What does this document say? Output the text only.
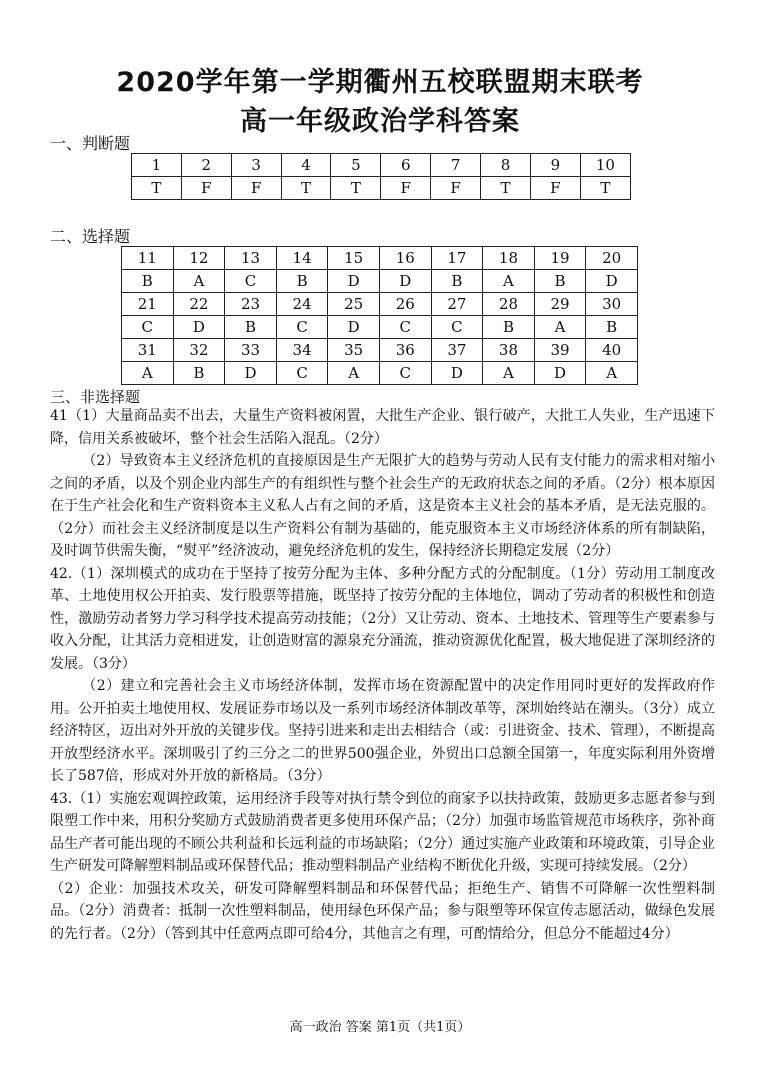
2020学年第一学期衢州五校联盟期末联考
高一年级政治学科答案
一、判断题
1	2	3	4	5	6	7	8	9	10
T	F	F	T	T	F	F	T	F	T
二、选择题
11	12	13	14	15	16	17	18	19	20
B	A	C	B	D	D	B	A	B	D
21	22	23	24	25	26	27	28	29	30
C	D	B	C	D	C	C	B	A	B
31	32	33	34	35	36	37	38	39	40
A	B	D	C	A	C	D	A	D	A
三、非选择题

41（1）大量商品卖不出去，大量生产资料被闲置，大批生产企业、银行破产，大批工人失业，生产迅速下降，信用关系被破坏，整个社会生活陷入混乱。（2分）

（2）导致资本主义经济危机的直接原因是生产无限扩大的趋势与劳动人民有支付能力的需求相对缩小之间的矛盾，以及个别企业内部生产的有组织性与整个社会生产的无政府状态之间的矛盾。（2分）根本原因在于生产社会化和生产资料资本主义私人占有之间的矛盾，这是资本主义社会的基本矛盾，是无法克服的。（2分）而社会主义经济制度是以生产资料公有制为基础的，能克服资本主义市场经济体系的所有制缺陷，及时调节供需失衡，“熨平”经济波动，避免经济危机的发生，保持经济长期稳定发展（2分）

42.（1）深圳模式的成功在于坚持了按劳分配为主体、多种分配方式的分配制度。（1分）劳动用工制度改革、土地使用权公开拍卖、发行股票等措施，既坚持了按劳分配的主体地位，调动了劳动者的积极性和创造性，激励劳动者努力学习科学技术提高劳动技能；（2分）又让劳动、资本、土地技术、管理等生产要素参与收入分配，让其活力竞相迸发，让创造财富的源泉充分涌流，推动资源优化配置，极大地促进了深圳经济的发展。（3分）

（2）建立和完善社会主义市场经济体制，发挥市场在资源配置中的决定作用同时更好的发挥政府作用。公开拍卖土地使用权、发展证券市场以及一系列市场经济体制改革等，深圳始终站在潮头。（3分）成立经济特区，迈出对外开放的关键步伐。坚持引进来和走出去相结合（或：引进资金、技术、管理），不断提高开放型经济水平。深圳吸引了约三分之二的世界500强企业，外贸出口总额全国第一，年度实际利用外资增长了587倍，形成对外开放的新格局。（3分）

43.（1）实施宏观调控政策，运用经济手段等对执行禁令到位的商家予以扶持政策，鼓励更多志愿者参与到限塑工作中来，用积分奖励方式鼓励消费者更多使用环保产品；（2分）加强市场监管规范市场秩序，弥补商品生产者可能出现的不顾公共利益和长远利益的市场缺陷；（2分）通过实施产业政策和环境政策，引导企业生产研发可降解塑料制品或环保替代品；推动塑料制品产业结构不断优化升级，实现可持续发展。（2分）

（2）企业：加强技术攻关，研发可降解塑料制品和环保替代品；拒绝生产、销售不可降解一次性塑料制品。（2分）消费者：抵制一次性塑料制品，使用绿色环保产品；参与限塑等环保宣传志愿活动，做绿色发展的先行者。（2分）（答到其中任意两点即可给4分，其他言之有理，可酌情给分，但总分不能超过4分）

高一政治 答案 第1页（共1页）
